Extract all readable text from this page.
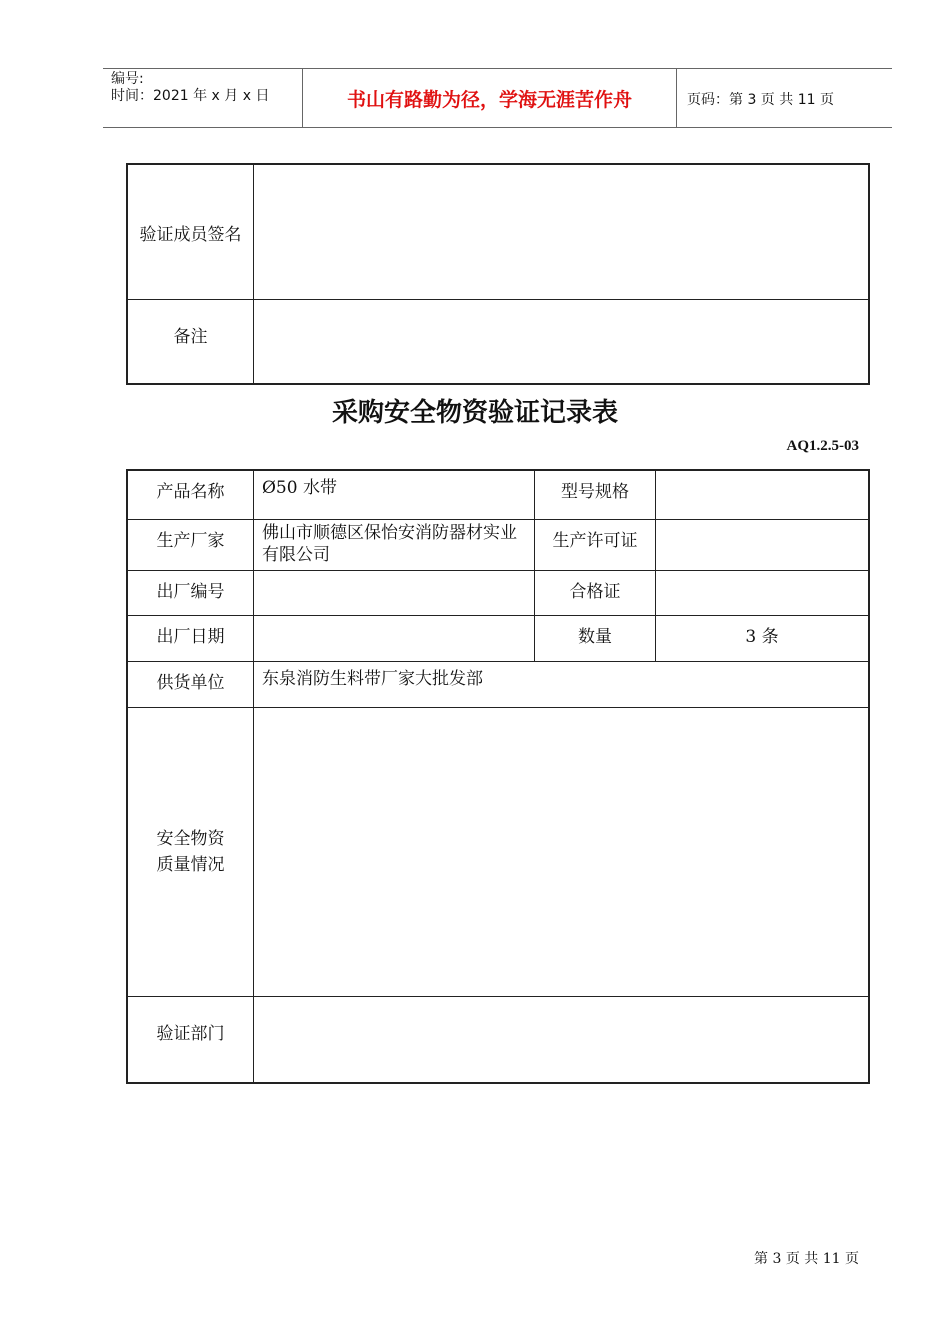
编号:
时间：2021 年 x 月 x 日	书山有路勤为径，学海无涯苦作舟	页码：第 3 页 共 11 页
验证成员签名	
备注	
采购安全物资验证记录表
AQ1.2.5-03
产品名称	Ø50 水带	型号规格	
生产厂家	佛山市顺德区保怡安消防器材实业有限公司	生产许可证	
出厂编号		合格证	
出厂日期		数量	3 条
供货单位	东泉消防生料带厂家大批发部		

安全物资
质量情况			

验证部门			
第 3 页 共 11 页
